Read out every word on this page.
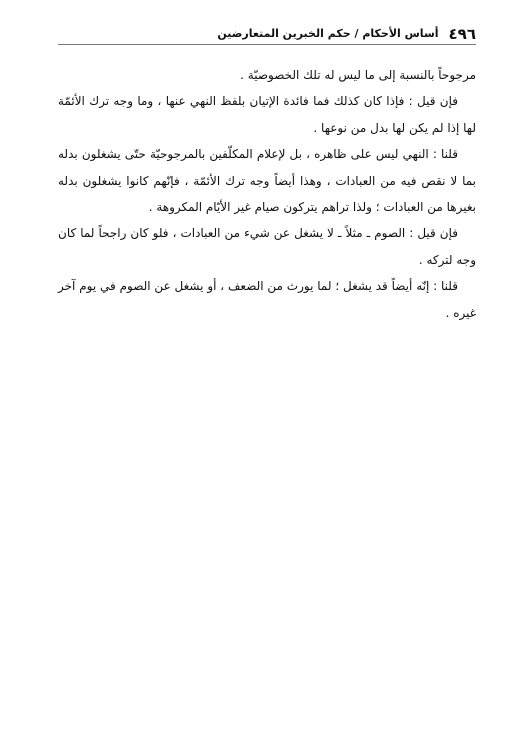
٤٩٦
أساس الأحكام / حكم الخبرين المتعارضين

مرجوحاً بالنسبة إلى ما ليس له تلك الخصوصيّة .

فإن قيل : فإذا كان كذلك فما فائدة الإتيان بلفظ النهي عنها ، وما وجه ترك الأئمّة لها إذا لم يكن لها بدل من نوعها .

قلنا : النهي ليس على ظاهره ، بل لإعلام المكلّفين بالمرجوحيّة حتّى يشغلون بدله بما لا نقص فيه من العبادات ، وهذا أيضاً وجه ترك الأئمّة ، فإنّهم كانوا يشغلون بدله بغيرها من العبادات ؛ ولذا تراهم يتركون صيام غير الأيّام المكروهة .

فإن قيل : الصوم ـ مثلاً ـ لا يشغل عن شيء من العبادات ، فلو كان راجحاً لما كان وجه لتركه .

قلنا : إنّه أيضاً قد يشغل ؛ لما يورث من الضعف ، أو يشغل عن الصوم في يوم آخر غيره .
